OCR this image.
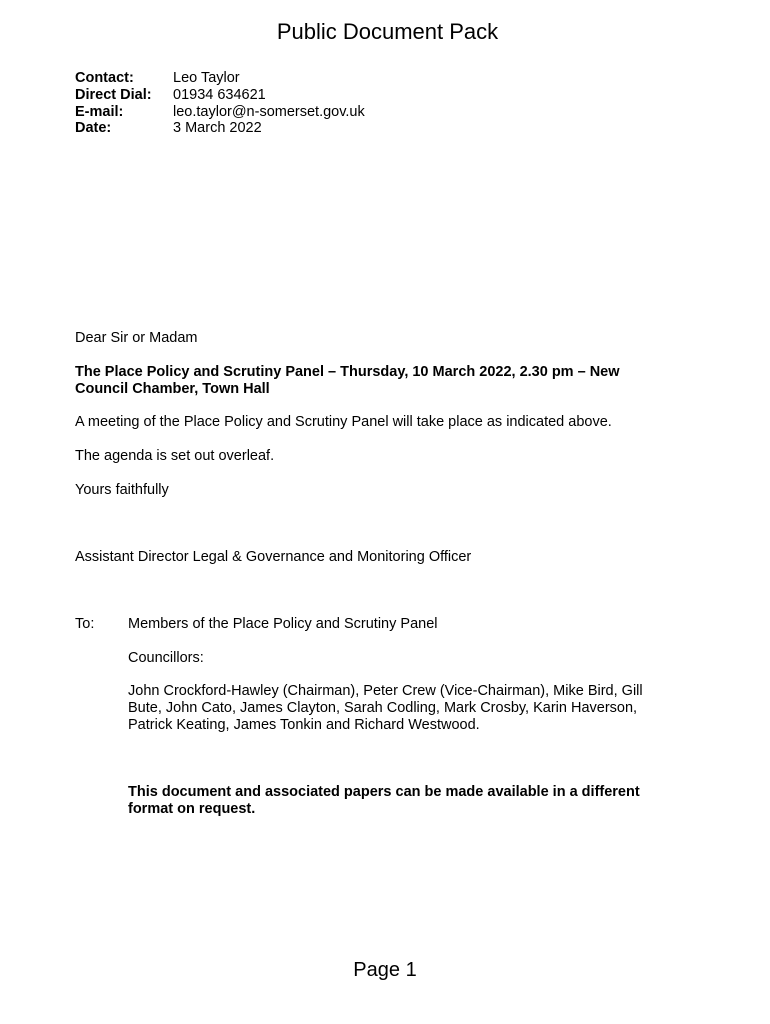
Public Document Pack
Contact:	Leo Taylor
Direct Dial:	01934 634621
E-mail:	leo.taylor@n-somerset.gov.uk
Date:	3 March 2022
Dear Sir or Madam
The Place Policy and Scrutiny Panel – Thursday, 10 March 2022, 2.30 pm – New
Council Chamber, Town Hall
A meeting of the Place Policy and Scrutiny Panel will take place as indicated above.
The agenda is set out overleaf.
Yours faithfully
Assistant Director Legal & Governance and Monitoring Officer
To: Members of the Place Policy and Scrutiny Panel
Councillors:
John Crockford-Hawley (Chairman), Peter Crew (Vice-Chairman), Mike Bird, Gill
Bute, John Cato, James Clayton, Sarah Codling, Mark Crosby, Karin Haverson,
Patrick Keating, James Tonkin and Richard Westwood.
This document and associated papers can be made available in a different
format on request.
Page 1
